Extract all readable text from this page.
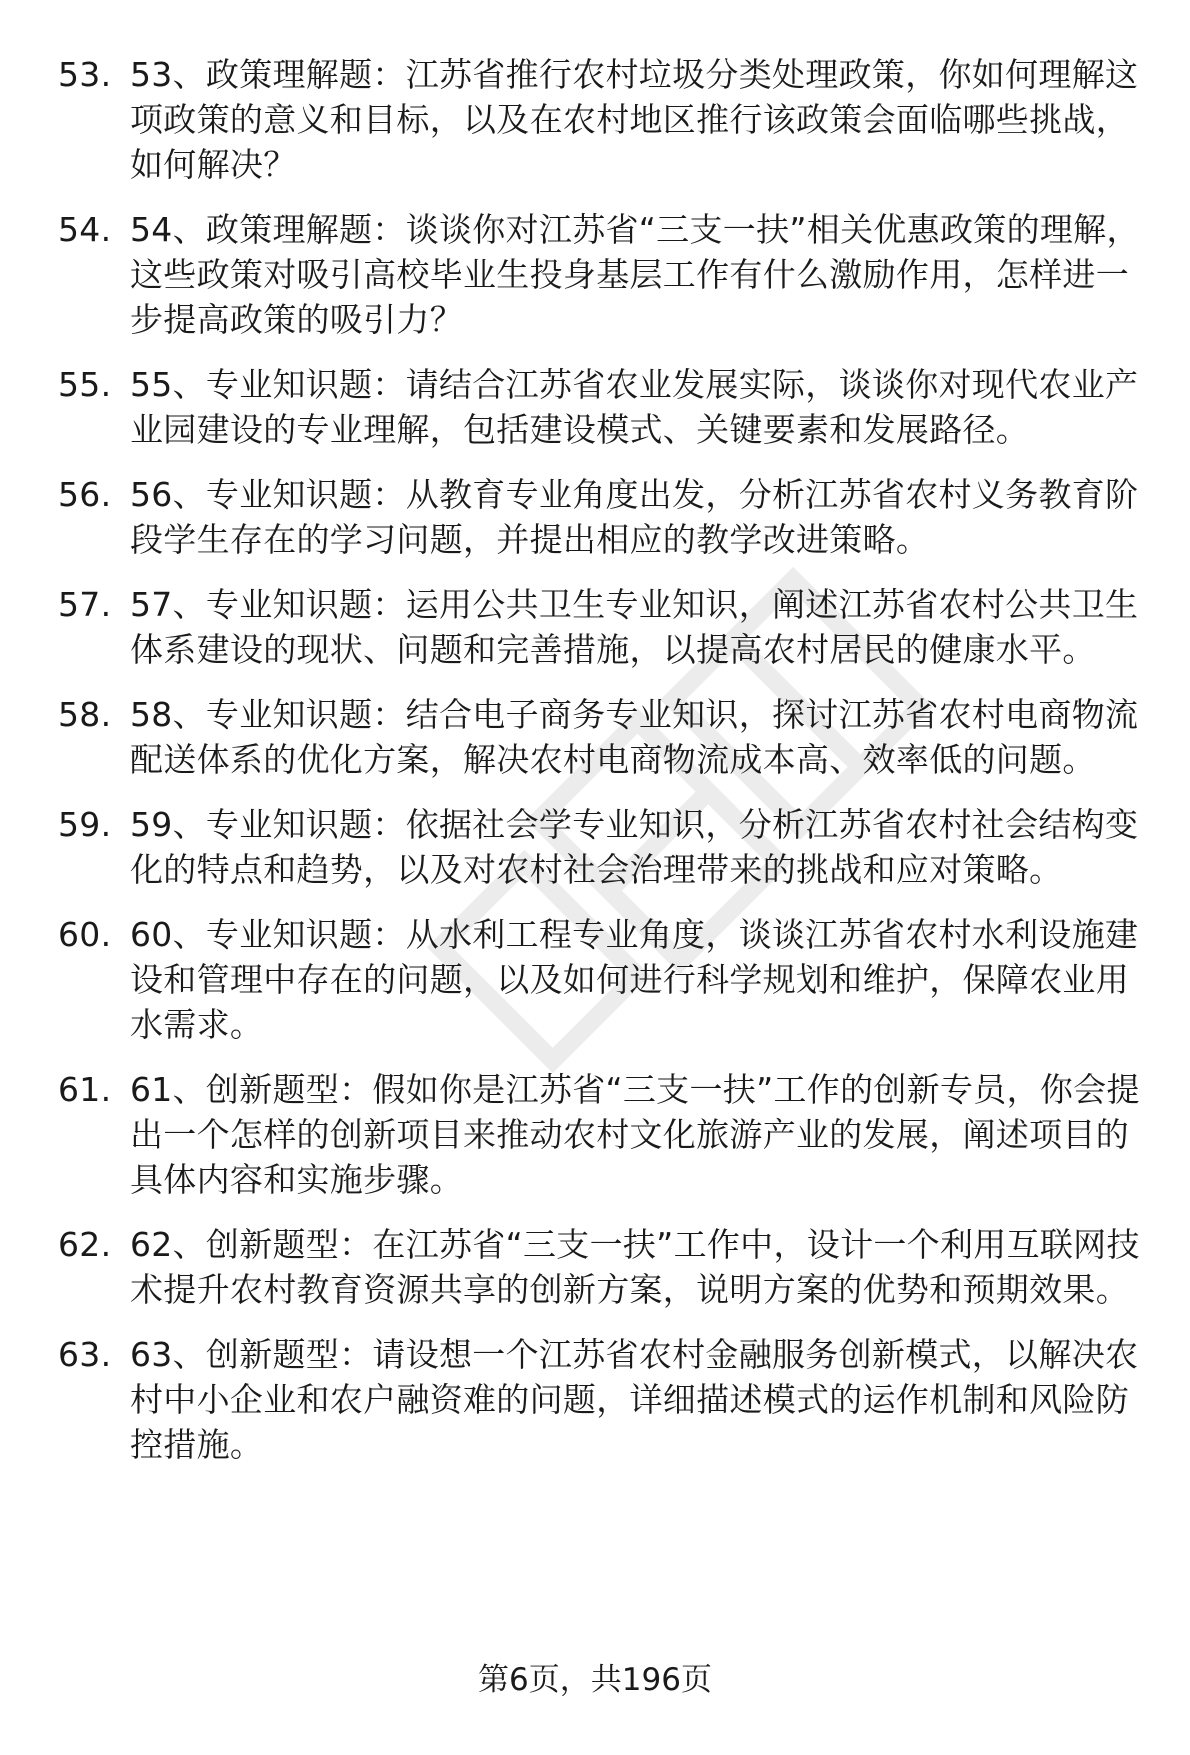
53. 53、政策理解题：江苏省推行农村垃圾分类处理政策，你如何理解这项政策的意义和目标，以及在农村地区推行该政策会面临哪些挑战，如何解决？
54. 54、政策理解题：谈谈你对江苏省“三支一扶”相关优惠政策的理解，这些政策对吸引高校毕业生投身基层工作有什么激励作用，怎样进一步提高政策的吸引力？
55. 55、专业知识题：请结合江苏省农业发展实际，谈谈你对现代农业产业园建设的专业理解，包括建设模式、关键要素和发展路径。
56. 56、专业知识题：从教育专业角度出发，分析江苏省农村义务教育阶段学生存在的学习问题，并提出相应的教学改进策略。
57. 57、专业知识题：运用公共卫生专业知识，阐述江苏省农村公共卫生体系建设的现状、问题和完善措施，以提高农村居民的健康水平。
58. 58、专业知识题：结合电子商务专业知识，探讨江苏省农村电商物流配送体系的优化方案，解决农村电商物流成本高、效率低的问题。
59. 59、专业知识题：依据社会学专业知识，分析江苏省农村社会结构变化的特点和趋势，以及对农村社会治理带来的挑战和应对策略。
60. 60、专业知识题：从水利工程专业角度，谈谈江苏省农村水利设施建设和管理中存在的问题，以及如何进行科学规划和维护，保障农业用水需求。
61. 61、创新题型：假如你是江苏省“三支一扶”工作的创新专员，你会提出一个怎样的创新项目来推动农村文化旅游产业的发展，阐述项目的具体内容和实施步骤。
62. 62、创新题型：在江苏省“三支一扶”工作中，设计一个利用互联网技术提升农村教育资源共享的创新方案，说明方案的优势和预期效果。
63. 63、创新题型：请设想一个江苏省农村金融服务创新模式，以解决农村中小企业和农户融资难的问题，详细描述模式的运作机制和风险防控措施。
第6页，共196页
